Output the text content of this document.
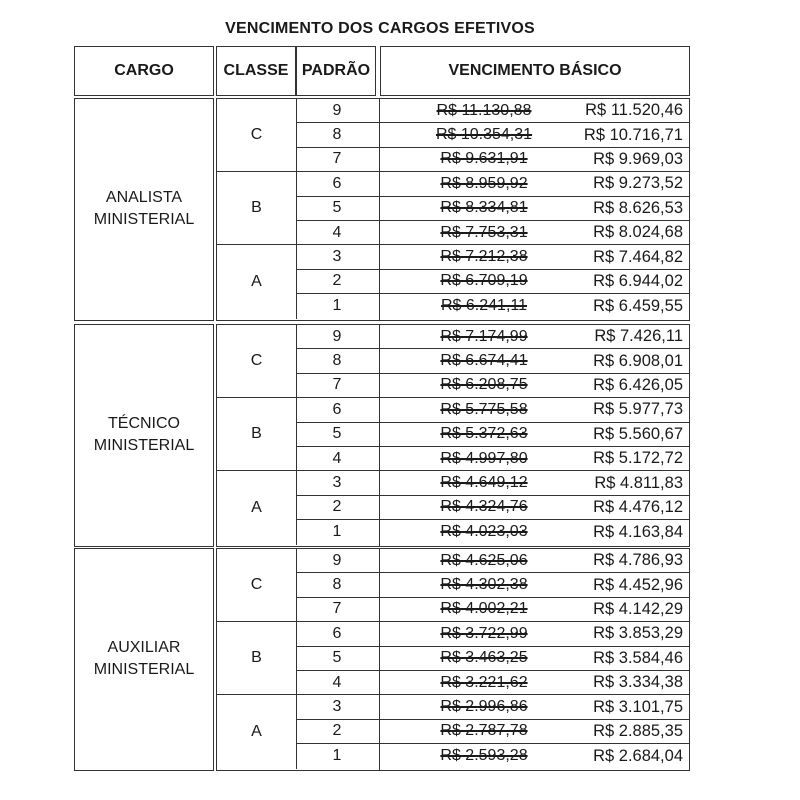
VENCIMENTO DOS CARGOS EFETIVOS
CARGO	CLASSE PADRÃO	VENCIMENTO BÁSICO
ANALISTA
MINISTERIAL
C
9	R$ 11.130,88	R$ 11.520,46
8	R$ 10.354,31	R$ 10.716,71
7	R$ 9.631,91	R$ 9.969,03
B
6	R$ 8.959,92	R$ 9.273,52
5	R$ 8.334,81	R$ 8.626,53
4	R$ 7.753,31	R$ 8.024,68
A
3	R$ 7.212,38	R$ 7.464,82
2	R$ 6.709,19	R$ 6.944,02
1	R$ 6.241,11	R$ 6.459,55
TÉCNICO
MINISTERIAL
C
9	R$ 7.174,99	R$ 7.426,11
8	R$ 6.674,41	R$ 6.908,01
7	R$ 6.208,75	R$ 6.426,05
B
6	R$ 5.775,58	R$ 5.977,73
5	R$ 5.372,63	R$ 5.560,67
4	R$ 4.997,80	R$ 5.172,72
A
3	R$ 4.649,12	R$ 4.811,83
2	R$ 4.324,76	R$ 4.476,12
1	R$ 4.023,03	R$ 4.163,84
AUXILIAR
MINISTERIAL
C
9	R$ 4.625,06	R$ 4.786,93
8	R$ 4.302,38	R$ 4.452,96
7	R$ 4.002,21	R$ 4.142,29
B
6	R$ 3.722,99	R$ 3.853,29
5	R$ 3.463,25	R$ 3.584,46
4	R$ 3.221,62	R$ 3.334,38
A
3	R$ 2.996,86	R$ 3.101,75
2	R$ 2.787,78	R$ 2.885,35
1	R$ 2.593,28	R$ 2.684,04
